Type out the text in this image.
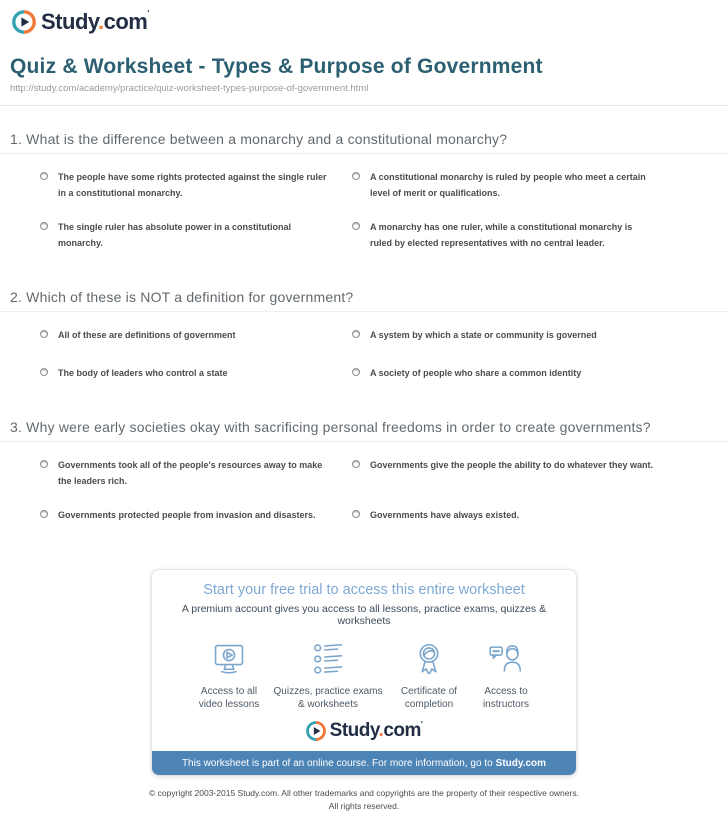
Study.com'
Quiz & Worksheet - Types & Purpose of Government
http://study.com/academy/practice/quiz-worksheet-types-purpose-of-government.html
1. What is the difference between a monarchy and a constitutional monarchy?
The people have some rights protected against the single ruler in a constitutional monarchy.
A constitutional monarchy is ruled by people who meet a certain level of merit or qualifications.
The single ruler has absolute power in a constitutional monarchy.
A monarchy has one ruler, while a constitutional monarchy is ruled by elected representatives with no central leader.
2. Which of these is NOT a definition for government?
All of these are definitions of government	A system by which a state or community is governed
The body of leaders who control a state	A society of people who share a common identity
3. Why were early societies okay with sacrificing personal freedoms in order to create governments?
Governments took all of the people's resources away to make the leaders rich.
Governments give the people the ability to do whatever they want.
Governments protected people from invasion and disasters.	Governments have always existed.
Start your free trial to access this entire worksheet
A premium account gives you access to all lessons, practice exams, quizzes & worksheets
Access to all video lessons
Quizzes, practice exams & worksheets
Certificate of completion
Access to instructors
Study.com'
This worksheet is part of an online course. For more information, go to Study.com
© copyright 2003-2015 Study.com. All other trademarks and copyrights are the property of their respective owners.
All rights reserved.
